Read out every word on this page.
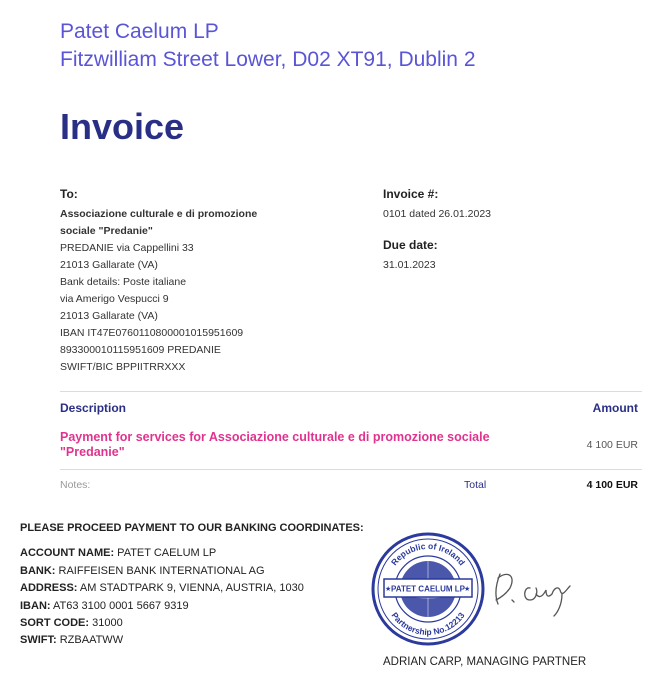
Patet Caelum LP
Fitzwilliam Street Lower, D02 XT91, Dublin 2
Invoice
To:
Associazione culturale e di promozione
sociale "Predanie"
PREDANIE via Cappellini 33
21013 Gallarate (VA)
Bank details: Poste italiane
via Amerigo Vespucci 9
21013 Gallarate (VA)
IBAN IT47E0760110800001015951609
893300010115951609 PREDANIE
SWIFT/BIC BPPIITRRXXX
Invoice #:
0101 dated 26.01.2023
Due date:
31.01.2023
Description	Amount
Payment for services for Associazione culturale e di promozione sociale "Predanie"	4 100 EUR
Notes:	Total	4 100 EUR
PLEASE PROCEED PAYMENT TO OUR BANKING COORDINATES:
ACCOUNT NAME: PATET CAELUM LP
BANK: RAIFFEISEN BANK INTERNATIONAL AG
ADDRESS: AM STADTPARK 9, VIENNA, AUSTRIA, 1030
IBAN: AT63 3100 0001 5667 9319
SORT CODE: 31000
SWIFT: RZBAATWW
Republic of Ireland
PATET CAELUM LP
Partnership No.12213
★	★
ADRIAN CARP, MANAGING PARTNER
